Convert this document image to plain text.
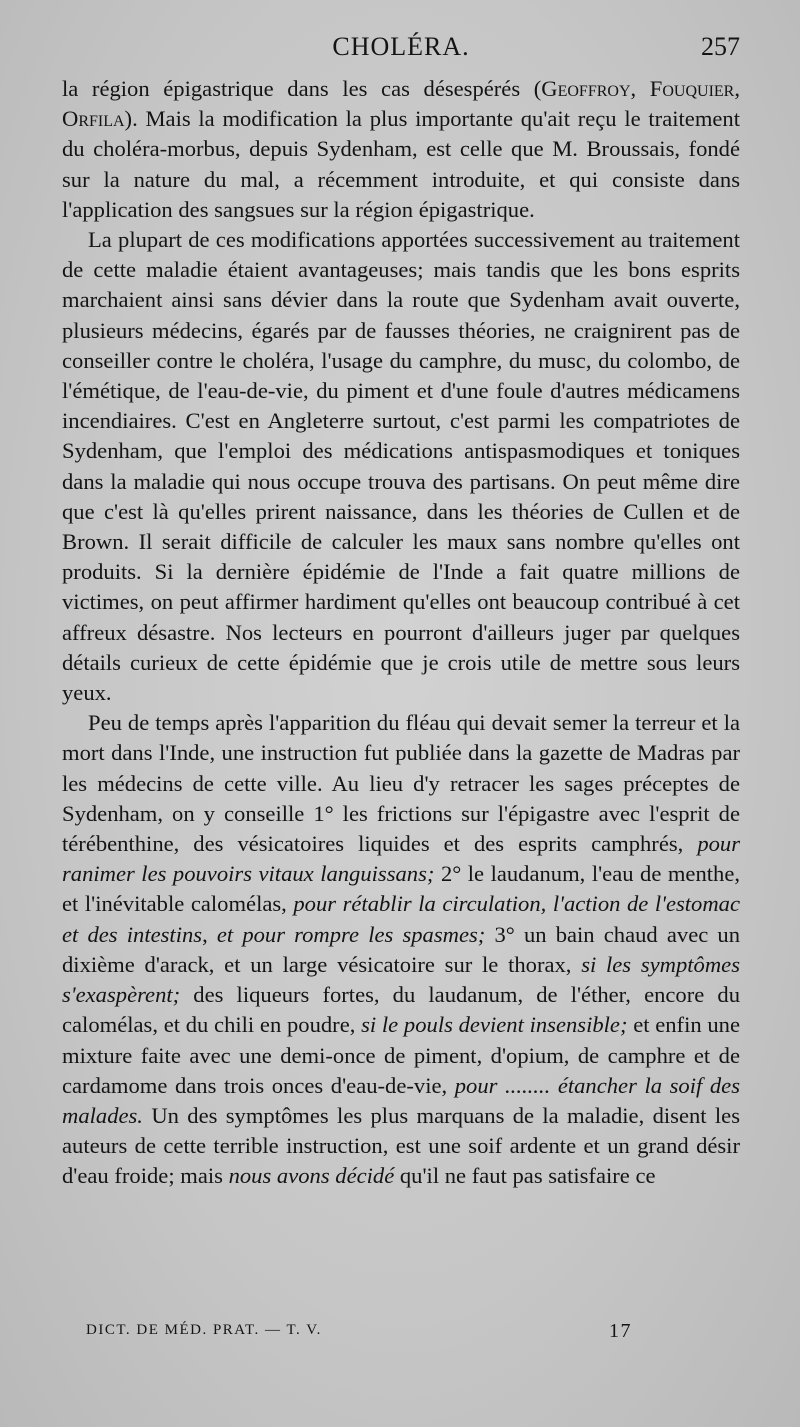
CHOLÉRA.	257

la région épigastrique dans les cas désespérés (Geoffroy, Fouquier, Orfila). Mais la modification la plus importante qu'ait reçu le traitement du choléra-morbus, depuis Sydenham, est celle que M. Broussais, fondé sur la nature du mal, a récemment introduite, et qui consiste dans l'application des sangsues sur la région épigastrique.

La plupart de ces modifications apportées successivement au traitement de cette maladie étaient avantageuses; mais tandis que les bons esprits marchaient ainsi sans dévier dans la route que Sydenham avait ouverte, plusieurs médecins, égarés par de fausses théories, ne craignirent pas de conseiller contre le choléra, l'usage du camphre, du musc, du colombo, de l'émétique, de l'eau-de-vie, du piment et d'une foule d'autres médicamens incendiaires. C'est en Angleterre surtout, c'est parmi les compatriotes de Sydenham, que l'emploi des médications antispasmodiques et toniques dans la maladie qui nous occupe trouva des partisans. On peut même dire que c'est là qu'elles prirent naissance, dans les théories de Cullen et de Brown. Il serait difficile de calculer les maux sans nombre qu'elles ont produits. Si la dernière épidémie de l'Inde a fait quatre millions de victimes, on peut affirmer hardiment qu'elles ont beaucoup contribué à cet affreux désastre. Nos lecteurs en pourront d'ailleurs juger par quelques détails curieux de cette épidémie que je crois utile de mettre sous leurs yeux.

Peu de temps après l'apparition du fléau qui devait semer la terreur et la mort dans l'Inde, une instruction fut publiée dans la gazette de Madras par les médecins de cette ville. Au lieu d'y retracer les sages préceptes de Sydenham, on y conseille 1° les frictions sur l'épigastre avec l'esprit de térébenthine, des vésicatoires liquides et des esprits camphrés, pour ranimer les pouvoirs vitaux languissans; 2° le laudanum, l'eau de menthe, et l'inévitable calomélas, pour rétablir la circulation, l'action de l'estomac et des intestins, et pour rompre les spasmes; 3° un bain chaud avec un dixième d'arack, et un large vésicatoire sur le thorax, si les symptômes s'exaspèrent; des liqueurs fortes, du laudanum, de l'éther, encore du calomélas, et du chili en poudre, si le pouls devient insensible; et enfin une mixture faite avec une demi-once de piment, d'opium, de camphre et de cardamome dans trois onces d'eau-de-vie, pour ........ étancher la soif des malades. Un des symptômes les plus marquans de la maladie, disent les auteurs de cette terrible instruction, est une soif ardente et un grand désir d'eau froide; mais nous avons décidé qu'il ne faut pas satisfaire ce

DICT. DE MÉD. PRAT. — T. V.	17
